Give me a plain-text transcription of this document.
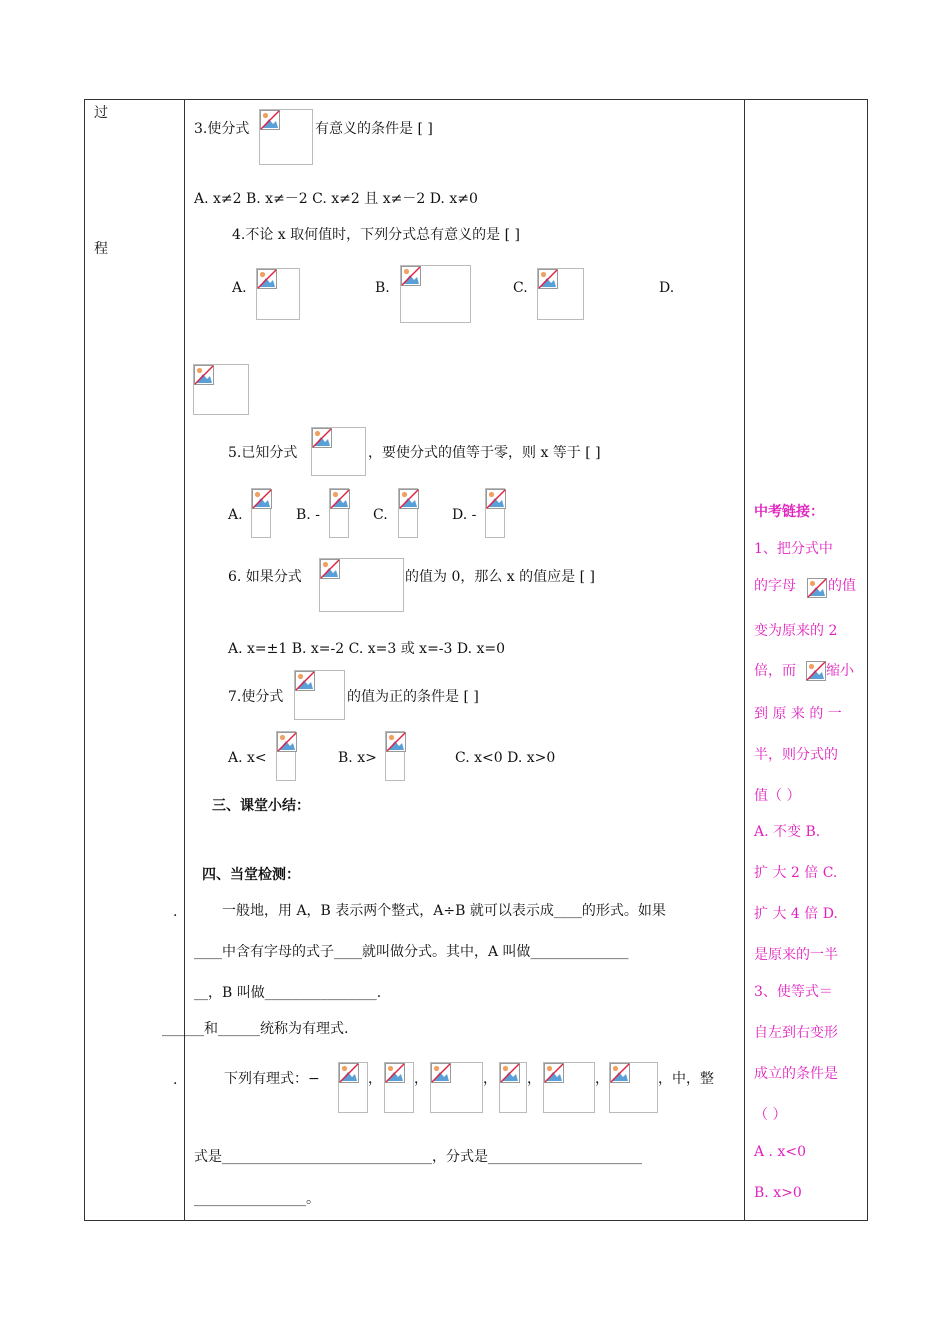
过
程
3.使分式	有意义的条件是 [ ]
A. x≠2 B. x≠－2 C. x≠2 且 x≠－2 D. x≠0
4.不论 x 取何值时，下列分式总有意义的是 [ ]
A.	B.	C.	D.
5.已知分式	，要使分式的值等于零，则 x 等于 [ ]
A.	B. -	C.	D. -
6. 如果分式	的值为 0，那么 x 的值应是 [ ]
A. x=±1 B. x=-2 C. x=3 或 x=-3 D. x=0
7.使分式	的值为正的条件是 [ ]
A. x<	B. x>	C. x<0 D. x>0
三、课堂小结：
四、当堂检测：
.	一般地，用 A，B 表示两个整式，A÷B 就可以表示成____的形式。如果
____中含有字母的式子____就叫做分式。其中，A 叫做______________
__，B 叫做________________.
______和______统称为有理式.
.	下列有理式：−	， ，	， ，	，	，中，整
式是______________________________，分式是______________________
________________。
中考链接：
1、把分式中
的字母 的值
变为原来的 2
倍，而 缩小
到 原 来 的 一
半，则分式的
值（ ）
A. 不变 B.
扩 大 2 倍 C.
扩 大 4 倍 D.
是原来的一半
3、使等式＝
自左到右变形
成立的条件是
（ ）
A . x<0
B. x>0
